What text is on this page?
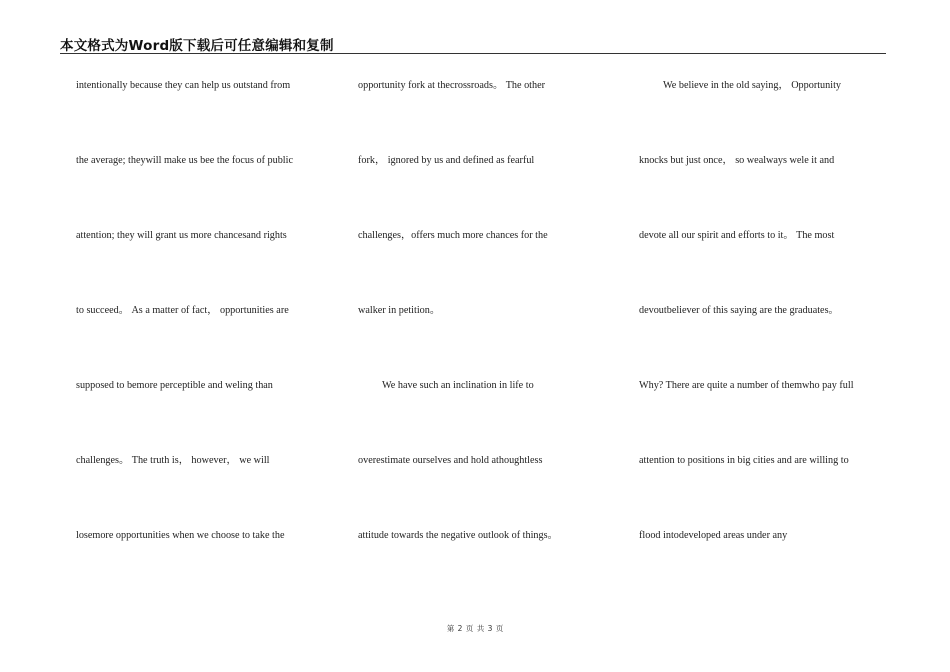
本文格式为Word版下载后可任意编辑和复制
intentionally because they can help us outstand from
the average; theywill make us bee the focus of public
attention; they will grant us more chancesand rights
to succeed。 As a matter of fact， opportunities are
supposed to bemore perceptible and weling than
challenges。 The truth is， however， we will
losemore opportunities when we choose to take the
opportunity fork at thecrossroads。 The other
fork， ignored by us and defined as fearful
challenges，offers much more chances for the
walker in petition。
We have such an inclination in life to
overestimate ourselves and hold athoughtless
attitude towards the negative outlook of things。
We believe in the old saying， Opportunity
knocks but just once， so wealways wele it and
devote all our spirit and efforts to it。 The most
devoutbeliever of this saying are the graduates。
Why? There are quite a number of themwho pay full
attention to positions in big cities and are willing to
flood intodeveloped areas under any
第 2 页 共 3 页
